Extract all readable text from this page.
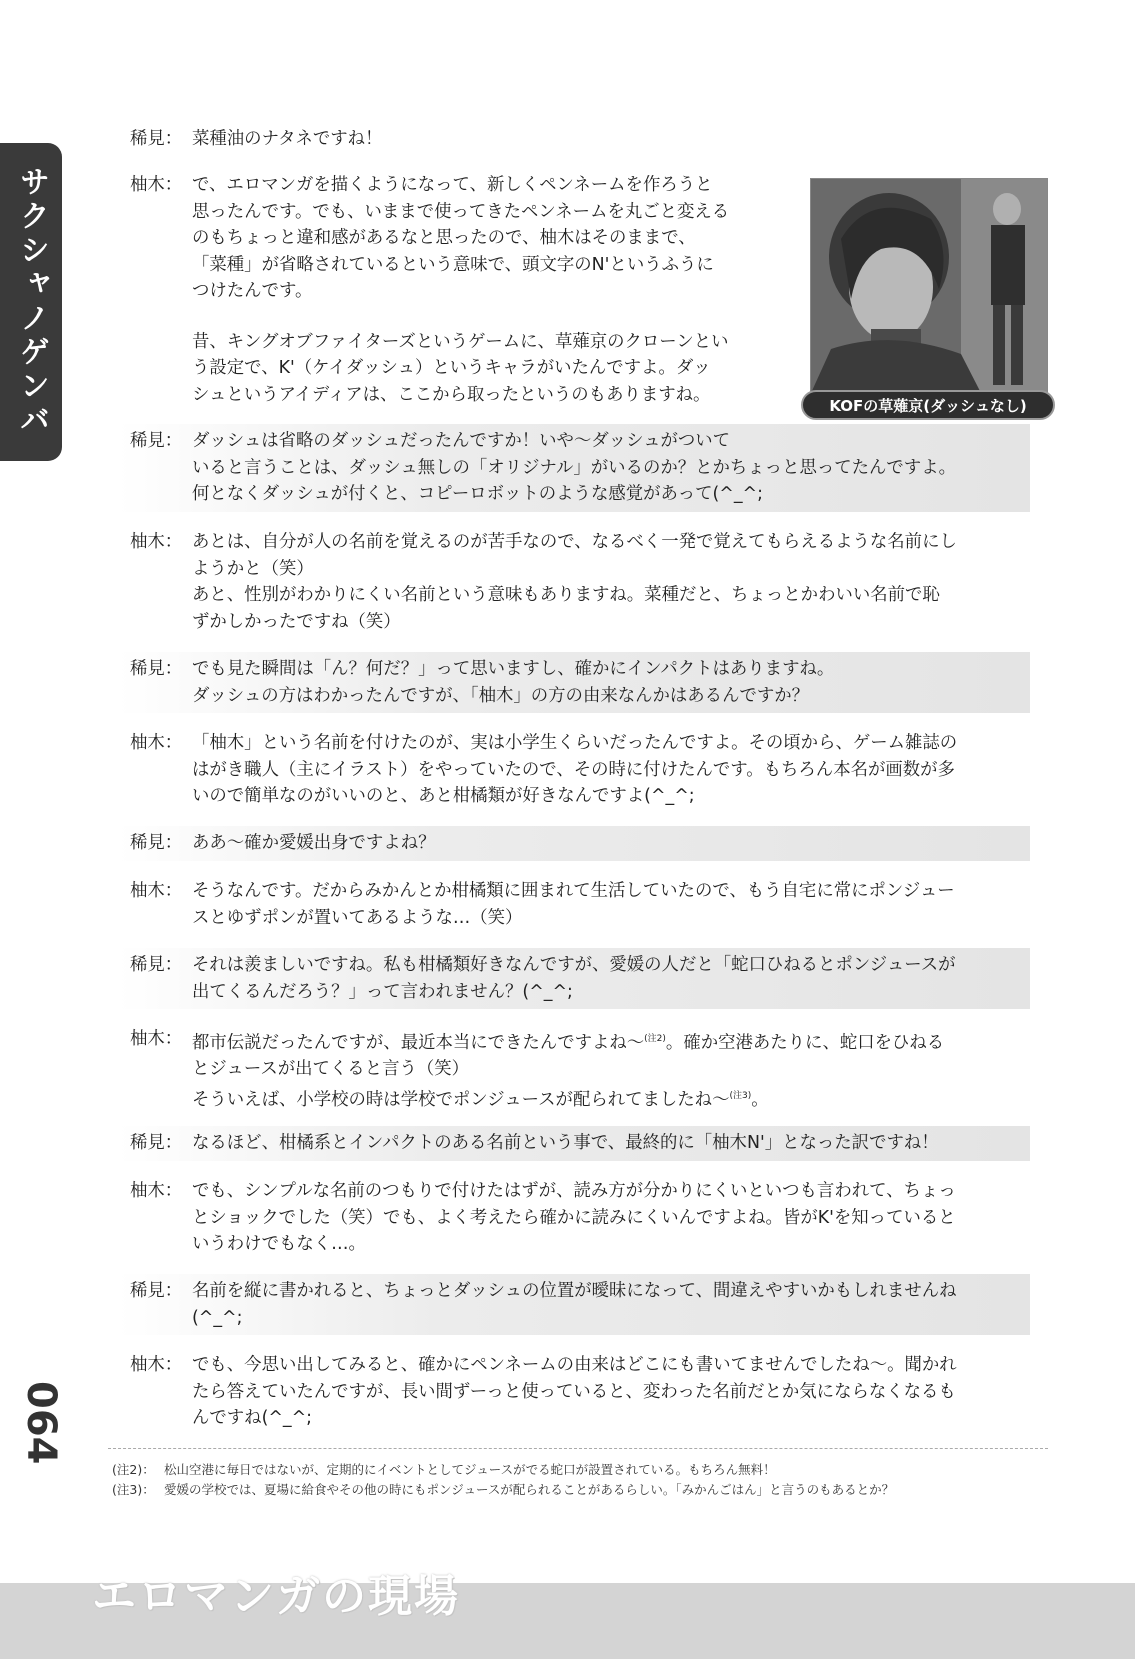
サクシャノゲンバ	KOFの草薙京(ダッシュなし)
稀見： 菜種油のナタネですね！

柚木： で、エロマンガを描くようになって、新しくペンネームを作ろうと

思ったんです。でも、いままで使ってきたペンネームを丸ごと変える

のもちょっと違和感があるなと思ったので、柚木はそのままで、

「菜種」が省略されているという意味で、頭文字のN'というふうに

つけたんです。

昔、キングオブファイターズというゲームに、草薙京のクローンとい

う設定で、K'（ケイダッシュ）というキャラがいたんですよ。ダッ

シュというアイディアは、ここから取ったというのもありますね。

稀見： ダッシュは省略のダッシュだったんですか！いや～ダッシュがついて

いると言うことは、ダッシュ無しの「オリジナル」がいるのか？とかちょっと思ってたんですよ。

何となくダッシュが付くと、コピーロボットのような感覚があって(^_^;

柚木： あとは、自分が人の名前を覚えるのが苦手なので、なるべく一発で覚えてもらえるような名前にし

ようかと（笑）

あと、性別がわかりにくい名前という意味もありますね。菜種だと、ちょっとかわいい名前で恥

ずかしかったですね（笑）

稀見： でも見た瞬間は「ん？何だ？」って思いますし、確かにインパクトはありますね。

ダッシュの方はわかったんですが、「柚木」の方の由来なんかはあるんですか？

柚木： 「柚木」という名前を付けたのが、実は小学生くらいだったんですよ。その頃から、ゲーム雑誌の

はがき職人（主にイラスト）をやっていたので、その時に付けたんです。もちろん本名が画数が多

いので簡単なのがいいのと、あと柑橘類が好きなんですよ(^_^;

稀見： ああ～確か愛媛出身ですよね？

柚木： そうなんです。だからみかんとか柑橘類に囲まれて生活していたので、もう自宅に常にポンジュー

スとゆずポンが置いてあるような…（笑）

稀見： それは羨ましいですね。私も柑橘類好きなんですが、愛媛の人だと「蛇口ひねるとポンジュースが

出てくるんだろう？」って言われません？(^_^;

柚木： 都市伝説だったんですが、最近本当にできたんですよね～$^{(注2)}$。確か空港あたりに、蛇口をひねる

とジュースが出てくると言う（笑）

そういえば、小学校の時は学校でポンジュースが配られてましたね～$^{(注3)}$。

稀見： なるほど、柑橘系とインパクトのある名前という事で、最終的に「柚木N'」となった訳ですね！

柚木： でも、シンプルな名前のつもりで付けたはずが、読み方が分かりにくいといつも言われて、ちょっ

とショックでした（笑）でも、よく考えたら確かに読みにくいんですよね。皆がK'を知っていると

いうわけでもなく…。

稀見： 名前を縦に書かれると、ちょっとダッシュの位置が曖昧になって、間違えやすいかもしれませんね

(^_^;

柚木： でも、今思い出してみると、確かにペンネームの由来はどこにも書いてませんでしたね～。聞かれ

たら答えていたんですが、長い間ずーっと使っていると、変わった名前だとか気にならなくなるも

んですね(^_^;

064
(注2)： 松山空港に毎日ではないが、定期的にイベントとしてジュースがでる蛇口が設置されている。もちろん無料！
(注3)： 愛媛の学校では、夏場に給食やその他の時にもポンジュースが配られることがあるらしい。「みかんごはん」と言うのもあるとか？
エロマンガの現場
